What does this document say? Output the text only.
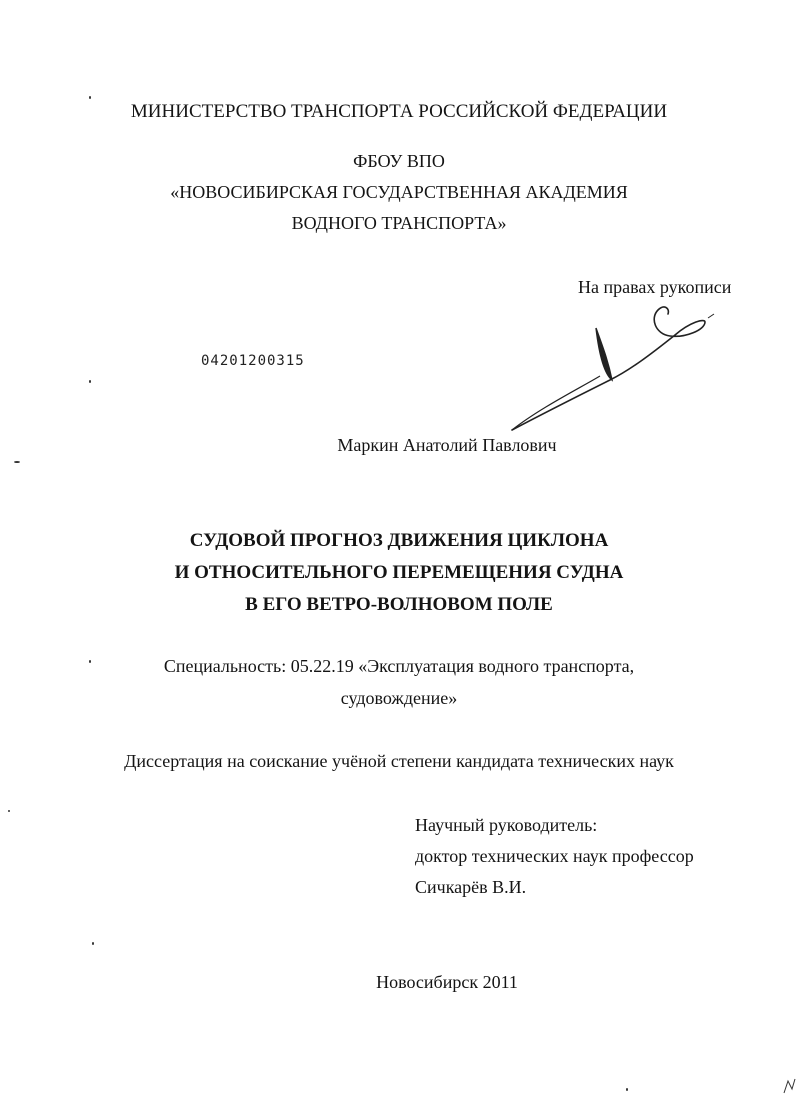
МИНИСТЕРСТВО ТРАНСПОРТА РОССИЙСКОЙ ФЕДЕРАЦИИ
ФБОУ ВПО
«НОВОСИБИРСКАЯ ГОСУДАРСТВЕННАЯ АКАДЕМИЯ
ВОДНОГО ТРАНСПОРТА»
На правах рукописи
04201200315
Маркин Анатолий Павлович
СУДОВОЙ ПРОГНОЗ ДВИЖЕНИЯ ЦИКЛОНА
И ОТНОСИТЕЛЬНОГО ПЕРЕМЕЩЕНИЯ СУДНА
В ЕГО ВЕТРО-ВОЛНОВОМ ПОЛЕ
Специальность: 05.22.19 «Эксплуатация водного транспорта,
судовождение»
Диссертация на соискание учёной степени кандидата технических наук
Научный руководитель:
доктор технических наук профессор
Сичкарёв В.И.
Новосибирск 2011
